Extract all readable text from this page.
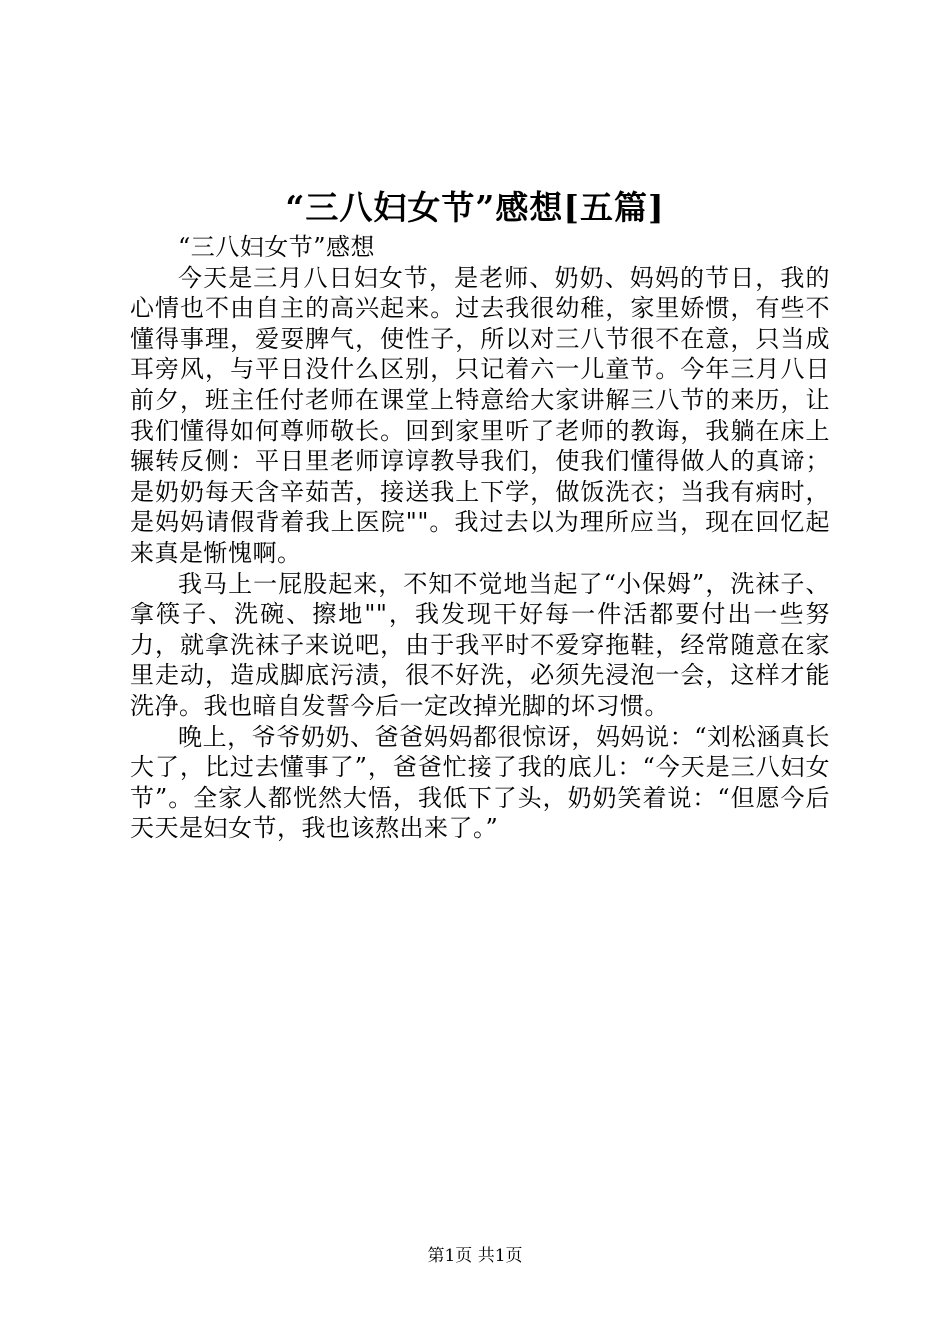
“三八妇女节”感想[五篇]

“三八妇女节”感想

今天是三月八日妇女节，是老师、奶奶、妈妈的节日，我的心情也不由自主的高兴起来。过去我很幼稚，家里娇惯，有些不懂得事理，爱耍脾气，使性子，所以对三八节很不在意，只当成耳旁风，与平日没什么区别，只记着六一儿童节。今年三月八日前夕，班主任付老师在课堂上特意给大家讲解三八节的来历，让我们懂得如何尊师敬长。回到家里听了老师的教诲，我躺在床上辗转反侧：平日里老师谆谆教导我们，使我们懂得做人的真谛；是奶奶每天含辛茹苦，接送我上下学，做饭洗衣；当我有病时，是妈妈请假背着我上医院""。我过去以为理所应当，现在回忆起来真是惭愧啊。

我马上一屁股起来，不知不觉地当起了“小保姆”，洗袜子、拿筷子、洗碗、擦地""，我发现干好每一件活都要付出一些努力，就拿洗袜子来说吧，由于我平时不爱穿拖鞋，经常随意在家里走动，造成脚底污渍，很不好洗，必须先浸泡一会，这样才能洗净。我也暗自发誓今后一定改掉光脚的坏习惯。

晚上，爷爷奶奶、爸爸妈妈都很惊讶，妈妈说：“刘松涵真长大了，比过去懂事了”，爸爸忙接了我的底儿：“今天是三八妇女节”。全家人都恍然大悟，我低下了头，奶奶笑着说：“但愿今后天天是妇女节，我也该熬出来了。”

第1页 共1页
